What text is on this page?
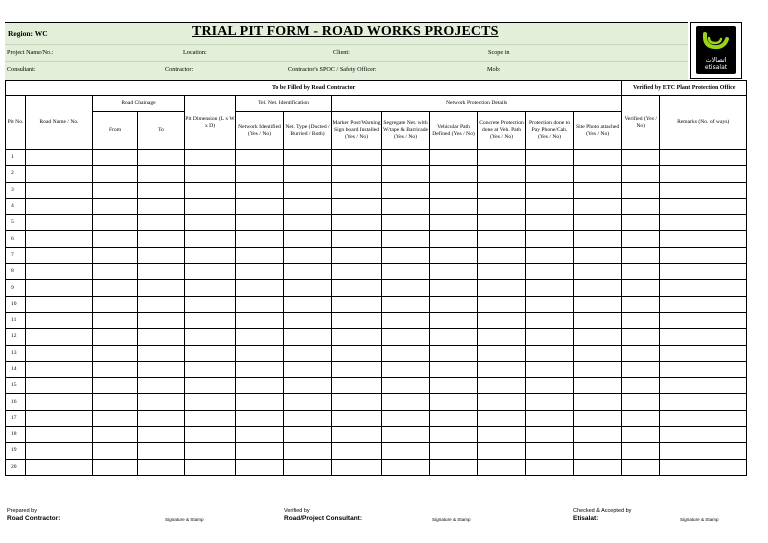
Region: WC	TRIAL PIT FORM - ROAD WORKS PROJECTS
Project Name/No.:	Location:	Client:	Scope in
Consultant:	Contractor:	Contractor's SPOC / Safety Officer:	Mob:
اتصالات
etisalat
To be Filled by Road Contractor													Verified by ETC Plant Protection Office	
Pit No.	Road Name / No.	Road Chainage		Pit Dimension (L x W x D)	Tel. Net. Identification		Network Protection Details						Verified (Yes / No)	Remarks (No. of ways)
		From	To		Network Identified (Yes / No)	Net. Type (Ducted / Burried / Both)	Marker Post/Warning Sign board Installed (Yes / No)	Segregate Net. with W/tape & Barricade (Yes / No)	Vehicular Path Defined (Yes / No)	Concrete Protection done at Veh. Path (Yes / No)	Protection done to Pay Phone/Cab. (Yes / No)	Site Photo attached (Yes / No)		
1														
2														
3														
4														
5														
6														
7														
8														
9														
10														
11														
12														
13														
14														
15														
16														
17														
18														
19														
20														
Prepared by
Road Contractor:	Signature & Stamp
Verified by
Road/Project Consultant:	Signature & Stamp
Checked & Accepted by
Etisalat:	Signature & Stamp
